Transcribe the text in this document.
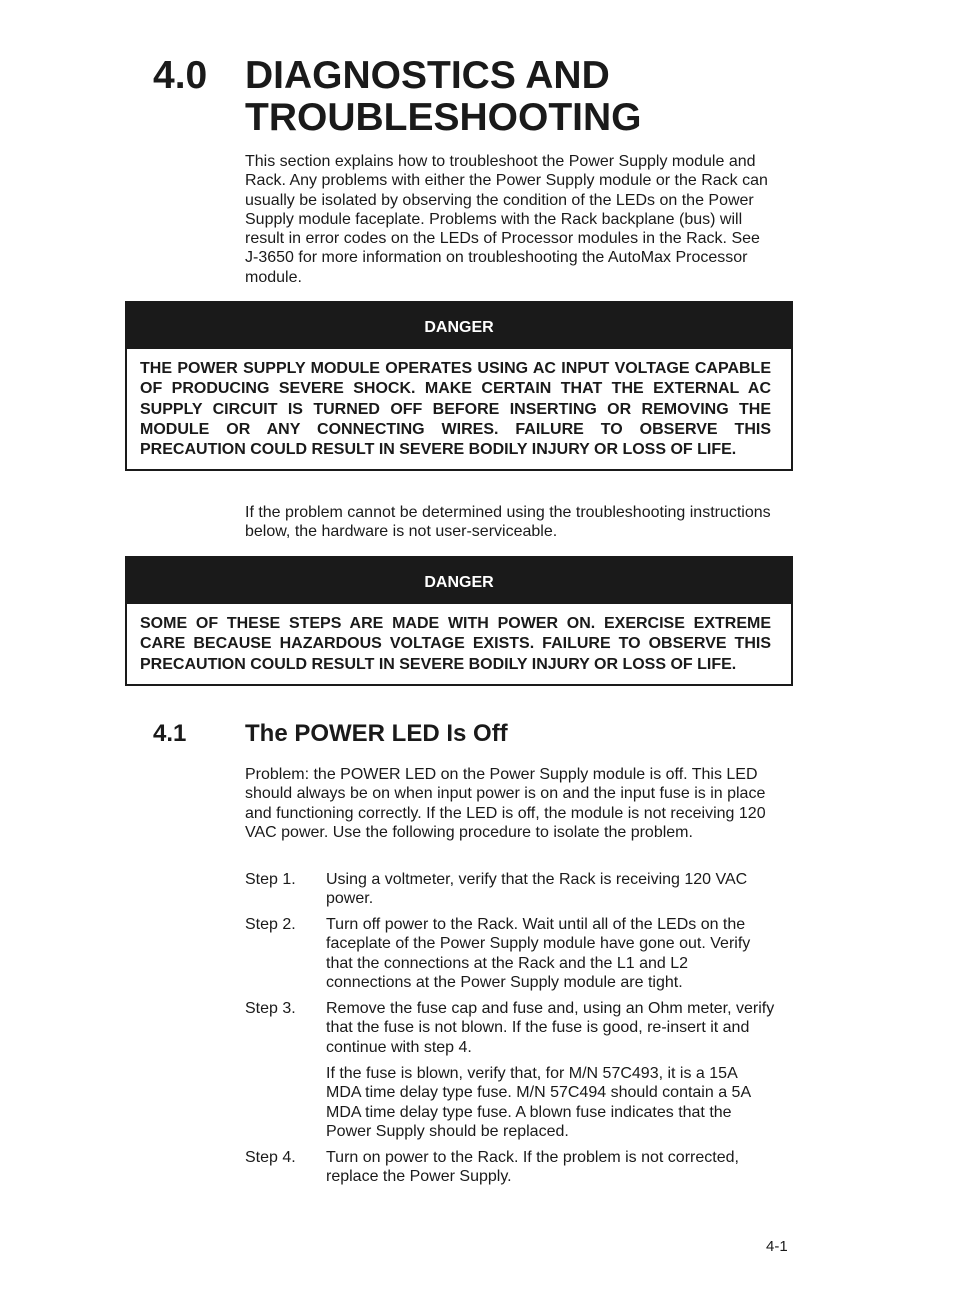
4.0 DIAGNOSTICS AND TROUBLESHOOTING

This section explains how to troubleshoot the Power Supply module and Rack. Any problems with either the Power Supply module or the Rack can usually be isolated by observing the condition of the LEDs on the Power Supply module faceplate. Problems with the Rack backplane (bus) will result in error codes on the LEDs of Processor modules in the Rack. See J-3650 for more information on troubleshooting the AutoMax Processor module.

DANGER
THE POWER SUPPLY MODULE OPERATES USING AC INPUT VOLTAGE CAPABLE OF PRODUCING SEVERE SHOCK. MAKE CERTAIN THAT THE EXTERNAL AC SUPPLY CIRCUIT IS TURNED OFF BEFORE INSERTING OR REMOVING THE MODULE OR ANY CONNECTING WIRES. FAILURE TO OBSERVE THIS PRECAUTION COULD RESULT IN SEVERE BODILY INJURY OR LOSS OF LIFE.

If the problem cannot be determined using the troubleshooting instructions below, the hardware is not user-serviceable.

DANGER
SOME OF THESE STEPS ARE MADE WITH POWER ON. EXERCISE EXTREME CARE BECAUSE HAZARDOUS VOLTAGE EXISTS. FAILURE TO OBSERVE THIS PRECAUTION COULD RESULT IN SEVERE BODILY INJURY OR LOSS OF LIFE.
4.1 The POWER LED Is Off

Problem: the POWER LED on the Power Supply module is off. This LED should always be on when input power is on and the input fuse is in place and functioning correctly. If the LED is off, the module is not receiving 120 VAC power. Use the following procedure to isolate the problem.

Step 1. Using a voltmeter, verify that the Rack is receiving 120 VAC power.
Step 2. Turn off power to the Rack. Wait until all of the LEDs on the faceplate of the Power Supply module have gone out. Verify that the connections at the Rack and the L1 and L2 connections at the Power Supply module are tight.
Step 3. Remove the fuse cap and fuse and, using an Ohm meter, verify that the fuse is not blown. If the fuse is good, re-insert it and continue with step 4.
If the fuse is blown, verify that, for M/N 57C493, it is a 15A MDA time delay type fuse. M/N 57C494 should contain a 5A MDA time delay type fuse. A blown fuse indicates that the Power Supply should be replaced.
Step 4. Turn on power to the Rack. If the problem is not corrected, replace the Power Supply.
4-1
